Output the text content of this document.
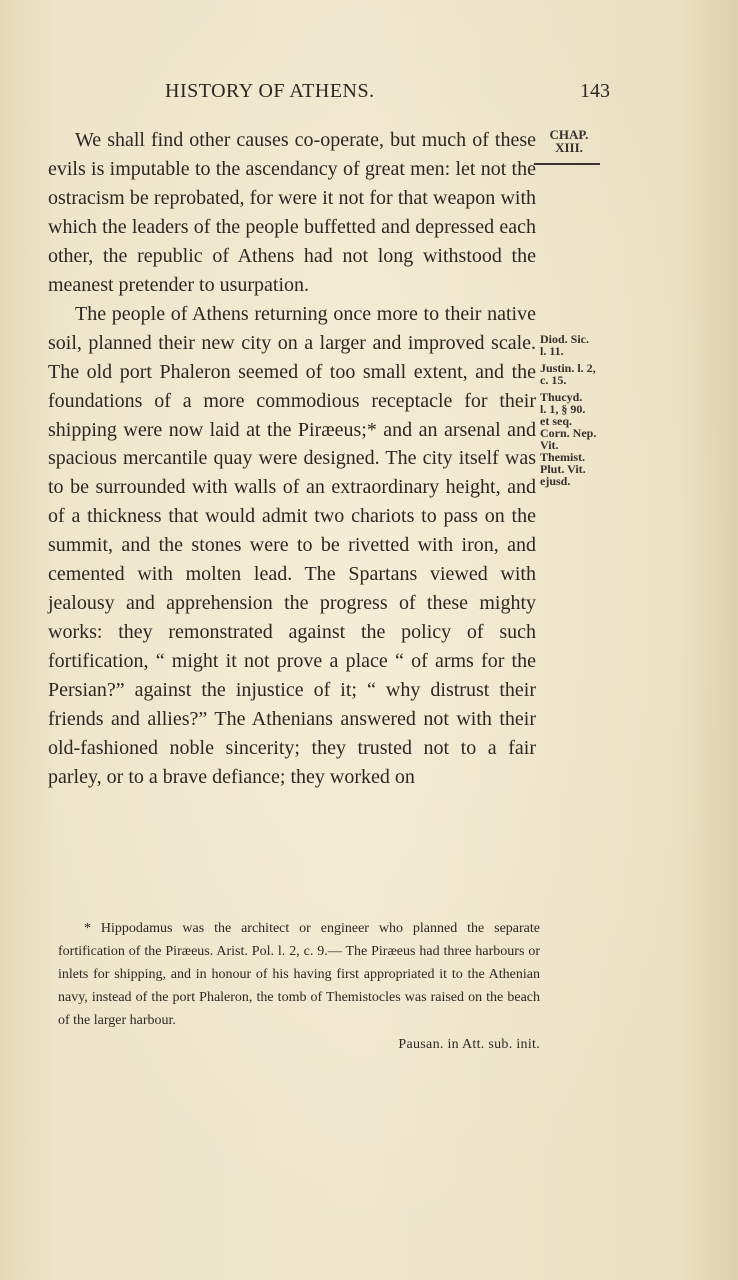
HISTORY OF ATHENS.	143

We shall find other causes co-operate, but much of these evils is imputable to the ascendancy of great men: let not the ostracism be reprobated, for were it not for that weapon with which the leaders of the people buffetted and depressed each other, the republic of Athens had not long withstood the meanest pretender to usurpation.

The people of Athens returning once more to their native soil, planned their new city on a larger and improved scale. The old port Phaleron seemed of too small extent, and the foundations of a more commodious receptacle for their shipping were now laid at the Piræeus;* and an arsenal and spacious mercantile quay were designed. The city itself was to be surrounded with walls of an extraordinary height, and of a thickness that would admit two chariots to pass on the summit, and the stones were to be rivetted with iron, and cemented with molten lead. The Spartans viewed with jealousy and apprehension the progress of these mighty works: they remonstrated against the policy of such fortification, “ might it not prove a place “ of arms for the Persian?” against the injustice of it; “ why distrust their friends and allies?” The Athenians answered not with their old-fashioned noble sincerity; they trusted not to a fair parley, or to a brave defiance; they worked on

CHAP.
XIII.

Diod. Sic.

l. 11.

Justin. l. 2,

c. 15.

Thucyd.

l. 1, § 90.

et seq.

Corn. Nep.

Vit.

Themist.

Plut. Vit.

ejusd.

* Hippodamus was the architect or engineer who planned the separate fortification of the Piræeus. Arist. Pol. l. 2, c. 9.— The Piræeus had three harbours or inlets for shipping, and in honour of his having first appropriated it to the Athenian navy, instead of the port Phaleron, the tomb of Themistocles was raised on the beach of the larger harbour.

Pausan. in Att. sub. init.
